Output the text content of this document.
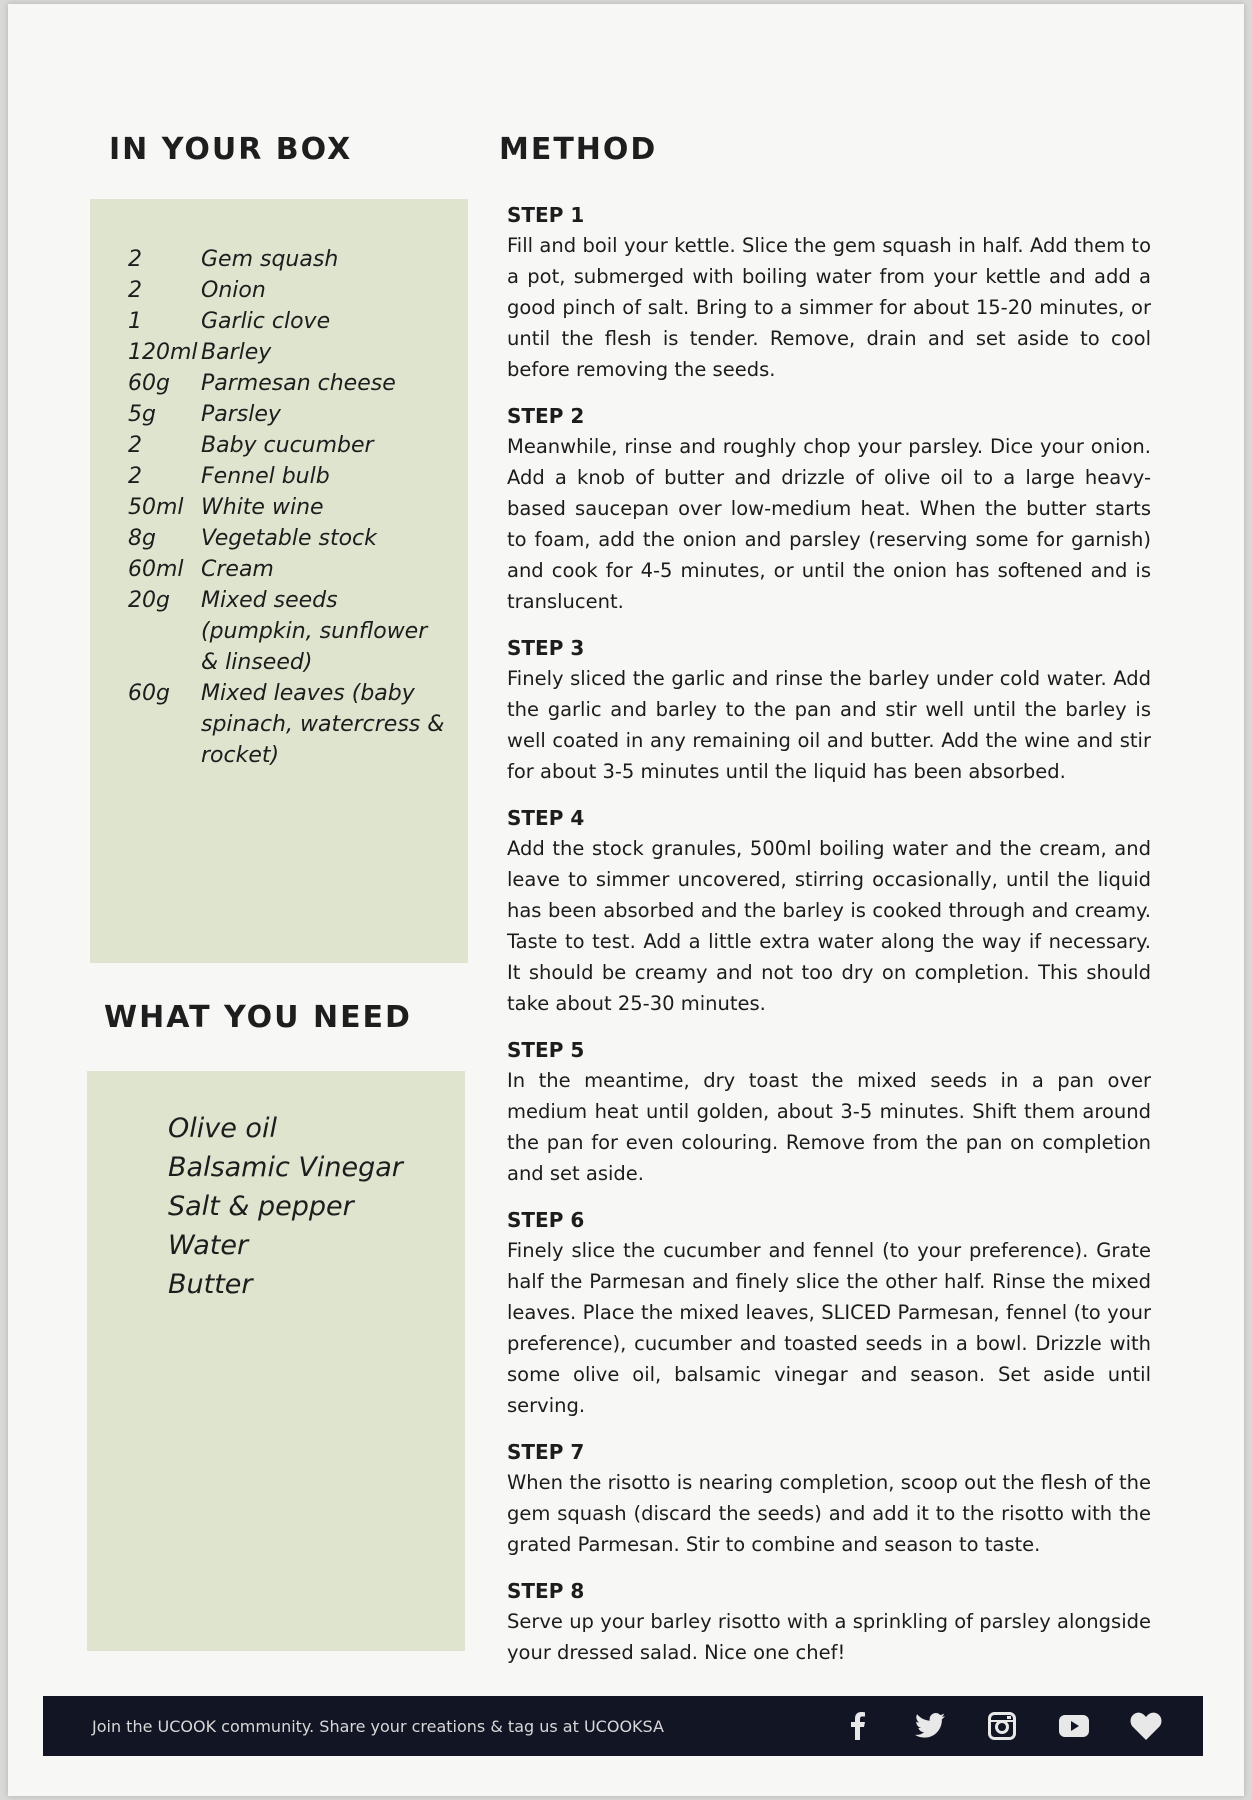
IN YOUR BOX	METHOD
2	Gem squash
2	Onion
1	Garlic clove
120ml Barley
60g	Parmesan cheese
5g	Parsley
2	Baby cucumber
2	Fennel bulb
50ml White wine
8g	Vegetable stock
60ml Cream
20g	Mixed seeds (pumpkin, sunflower & linseed)
60g	Mixed leaves (baby spinach, watercress & rocket)
WHAT YOU NEED
Olive oil
Balsamic Vinegar
Salt & pepper
Water
Butter

STEP 1

Fill and boil your kettle. Slice the gem squash in half. Add them to a pot, submerged with boiling water from your kettle and add a good pinch of salt. Bring to a simmer for about 15-20 minutes, or until the flesh is tender. Remove, drain and set aside to cool before removing the seeds.

STEP 2

Meanwhile, rinse and roughly chop your parsley. Dice your onion. Add a knob of butter and drizzle of olive oil to a large heavy-based saucepan over low-medium heat. When the butter starts to foam, add the onion and parsley (reserving some for garnish) and cook for 4-5 minutes, or until the onion has softened and is translucent.

STEP 3

Finely sliced the garlic and rinse the barley under cold water. Add the garlic and barley to the pan and stir well until the barley is well coated in any remaining oil and butter. Add the wine and stir for about 3-5 minutes until the liquid has been absorbed.

STEP 4

Add the stock granules, 500ml boiling water and the cream, and leave to simmer uncovered, stirring occasionally, until the liquid has been absorbed and the barley is cooked through and creamy. Taste to test. Add a little extra water along the way if necessary. It should be creamy and not too dry on completion. This should take about 25-30 minutes.

STEP 5

In the meantime, dry toast the mixed seeds in a pan over medium heat until golden, about 3-5 minutes. Shift them around the pan for even colouring. Remove from the pan on completion and set aside.

STEP 6

Finely slice the cucumber and fennel (to your preference). Grate half the Parmesan and finely slice the other half. Rinse the mixed leaves. Place the mixed leaves, SLICED Parmesan, fennel (to your preference), cucumber and toasted seeds in a bowl. Drizzle with some olive oil, balsamic vinegar and season. Set aside until serving.

STEP 7

When the risotto is nearing completion, scoop out the flesh of the gem squash (discard the seeds) and add it to the risotto with the grated Parmesan. Stir to combine and season to taste.

STEP 8

Serve up your barley risotto with a sprinkling of parsley alongside your dressed salad. Nice one chef!

Join the UCOOK community. Share your creations & tag us at UCOOKSA
